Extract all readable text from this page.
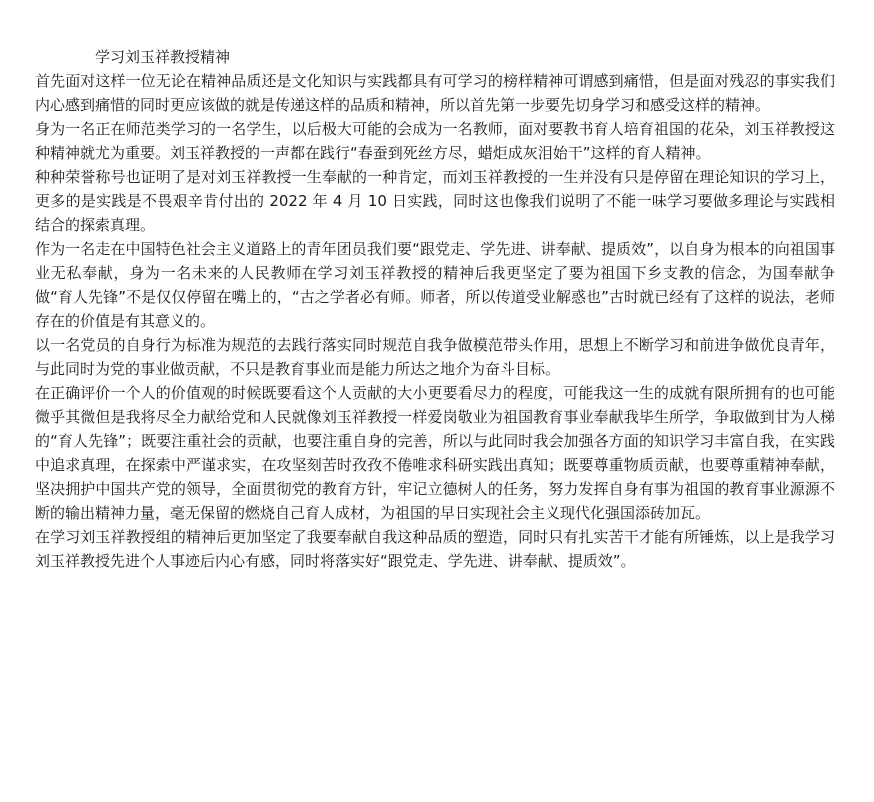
学习刘玉祥教授精神

首先面对这样一位无论在精神品质还是文化知识与实践都具有可学习的榜样精神可谓感到痛惜，但是面对残忍的事实我们内心感到痛惜的同时更应该做的就是传递这样的品质和精神，所以首先第一步要先切身学习和感受这样的精神。

身为一名正在师范类学习的一名学生，以后极大可能的会成为一名教师，面对要教书育人培育祖国的花朵，刘玉祥教授这种精神就尤为重要。刘玉祥教授的一声都在践行“春蚕到死丝方尽，蜡炬成灰泪始干”这样的育人精神。

种种荣誉称号也证明了是对刘玉祥教授一生奉献的一种肯定，而刘玉祥教授的一生并没有只是停留在理论知识的学习上，更多的是实践是不畏艰辛肯付出的 2022 年 4 月 10 日实践，同时这也像我们说明了不能一味学习要做多理论与实践相结合的探索真理。

作为一名走在中国特色社会主义道路上的青年团员我们要“跟党走、学先进、讲奉献、提质效”，以自身为根本的向祖国事业无私奉献，身为一名未来的人民教师在学习刘玉祥教授的精神后我更坚定了要为祖国下乡支教的信念，为国奉献争做“育人先锋”不是仅仅停留在嘴上的，“古之学者必有师。师者，所以传道受业解惑也”古时就已经有了这样的说法，老师存在的价值是有其意义的。

以一名党员的自身行为标准为规范的去践行落实同时规范自我争做模范带头作用，思想上不断学习和前进争做优良青年，与此同时为党的事业做贡献，不只是教育事业而是能力所达之地介为奋斗目标。

在正确评价一个人的价值观的时候既要看这个人贡献的大小更要看尽力的程度，可能我这一生的成就有限所拥有的也可能微乎其微但是我将尽全力献给党和人民就像刘玉祥教授一样爱岗敬业为祖国教育事业奉献我毕生所学，争取做到甘为人梯的“育人先锋”；既要注重社会的贡献，也要注重自身的完善，所以与此同时我会加强各方面的知识学习丰富自我，在实践中追求真理，在探索中严谨求实，在攻坚刻苦时孜孜不倦唯求科研实践出真知；既要尊重物质贡献，也要尊重精神奉献，坚决拥护中国共产党的领导，全面贯彻党的教育方针，牢记立德树人的任务，努力发挥自身有事为祖国的教育事业源源不断的输出精神力量，毫无保留的燃烧自己育人成材，为祖国的早日实现社会主义现代化强国添砖加瓦。

在学习刘玉祥教授组的精神后更加坚定了我要奉献自我这种品质的塑造，同时只有扎实苦干才能有所锤炼，以上是我学习刘玉祥教授先进个人事迹后内心有感，同时将落实好“跟党走、学先进、讲奉献、提质效”。
